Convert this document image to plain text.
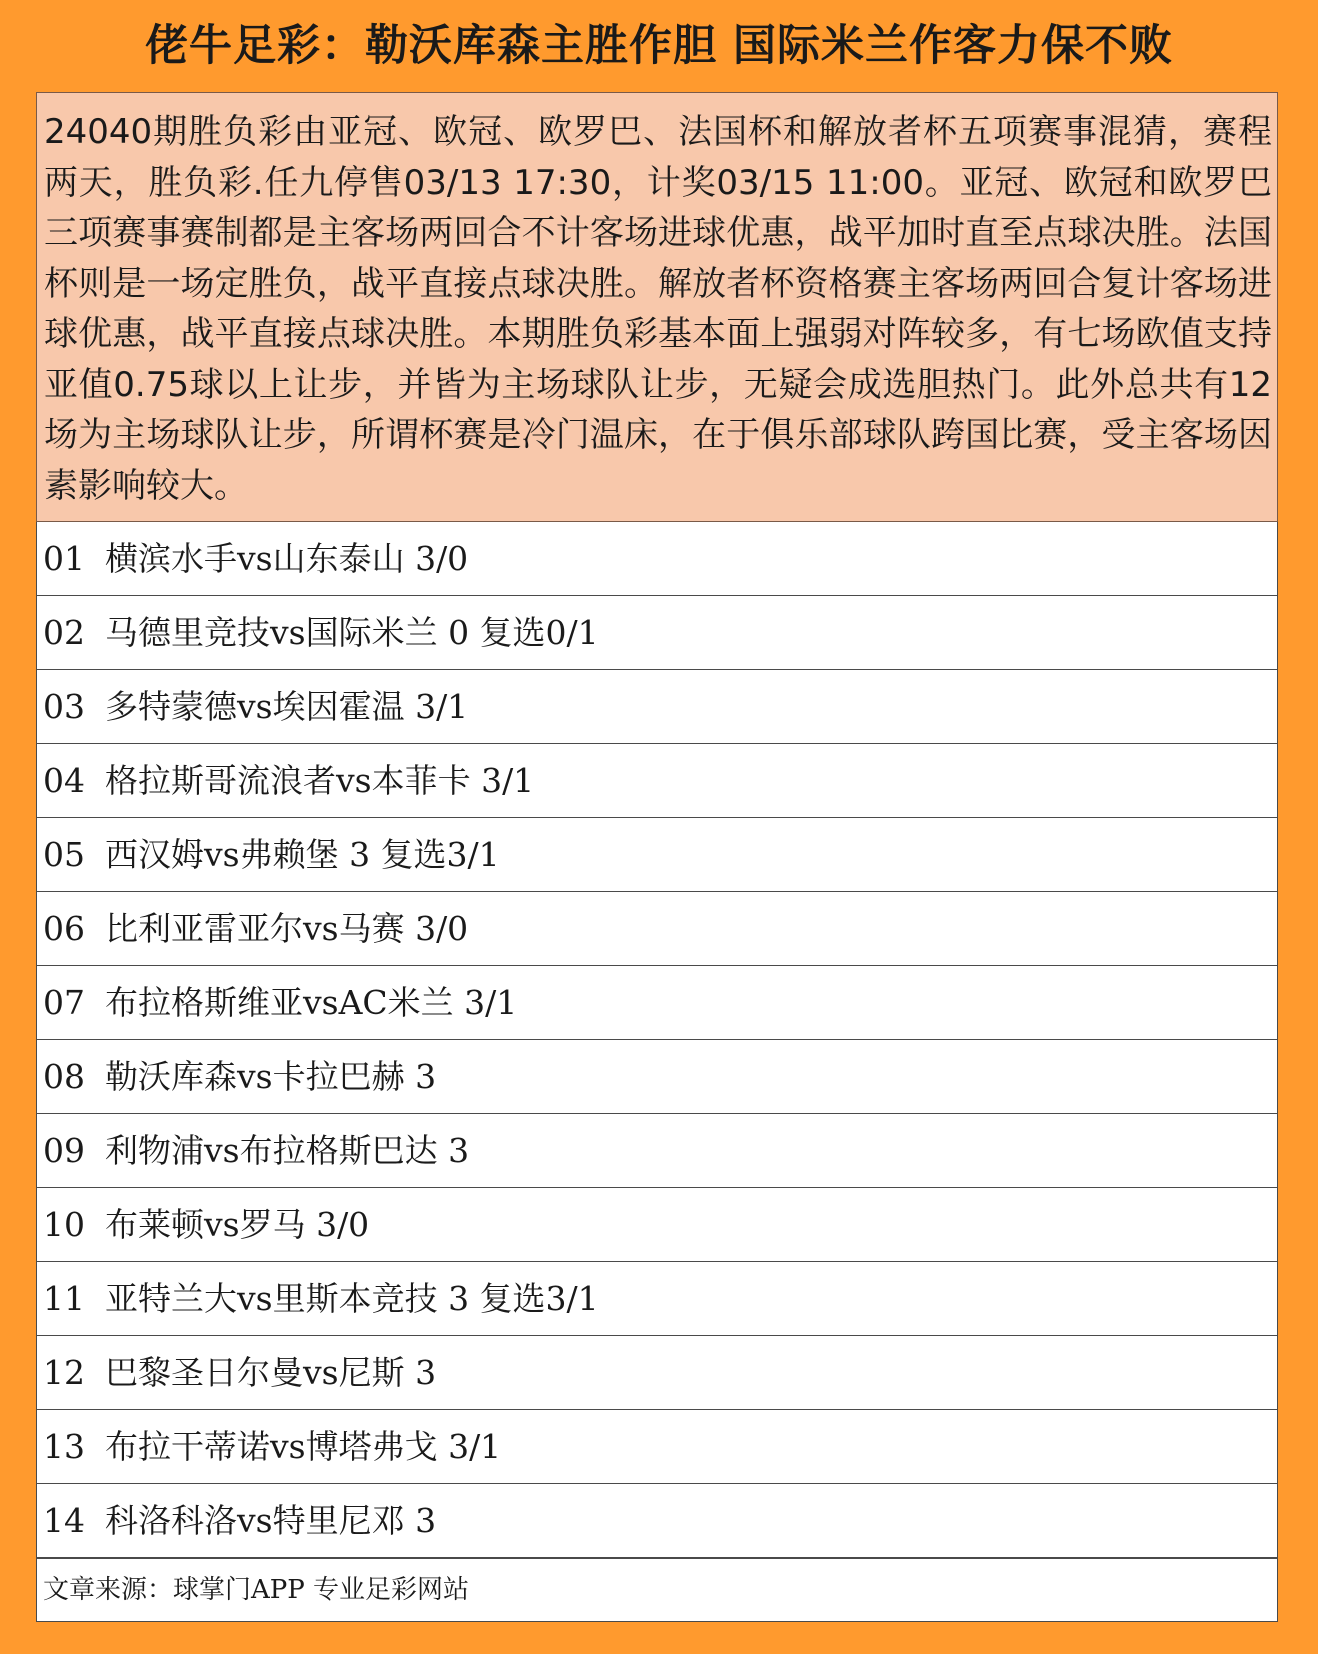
佬牛足彩：勒沃库森主胜作胆 国际米兰作客力保不败
24040期胜负彩由亚冠、欧冠、欧罗巴、法国杯和解放者杯五项赛事混猜，赛程两天，胜负彩.任九停售03/13 17:30，计奖03/15 11:00。亚冠、欧冠和欧罗巴三项赛事赛制都是主客场两回合不计客场进球优惠，战平加时直至点球决胜。法国杯则是一场定胜负，战平直接点球决胜。解放者杯资格赛主客场两回合复计客场进球优惠，战平直接点球决胜。本期胜负彩基本面上强弱对阵较多，有七场欧值支持亚值0.75球以上让步，并皆为主场球队让步，无疑会成选胆热门。此外总共有12场为主场球队让步，所谓杯赛是冷门温床，在于俱乐部球队跨国比赛，受主客场因素影响较大。
01 横滨水手vs山东泰山 3/0
02 马德里竞技vs国际米兰 0 复选0/1
03 多特蒙德vs埃因霍温 3/1
04 格拉斯哥流浪者vs本菲卡 3/1
05 西汉姆vs弗赖堡 3 复选3/1
06 比利亚雷亚尔vs马赛 3/0
07 布拉格斯维亚vsAC米兰 3/1
08 勒沃库森vs卡拉巴赫 3
09 利物浦vs布拉格斯巴达 3
10 布莱顿vs罗马 3/0
11 亚特兰大vs里斯本竞技 3 复选3/1
12 巴黎圣日尔曼vs尼斯 3
13 布拉干蒂诺vs博塔弗戈 3/1
14 科洛科洛vs特里尼邓 3
文章来源：球掌门APP 专业足彩网站
